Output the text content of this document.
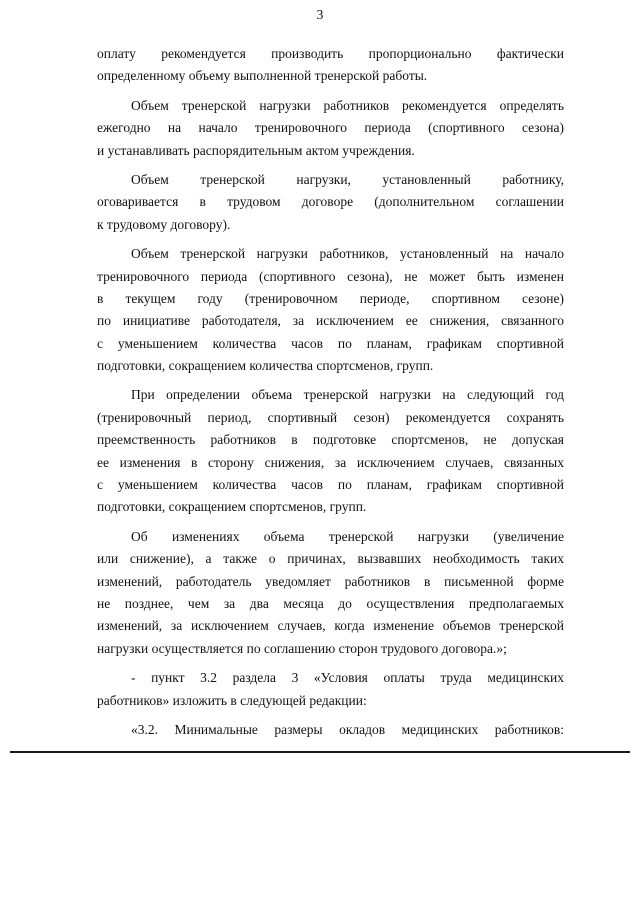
3

оплату рекомендуется производить пропорционально фактически
определенному объему выполненной тренерской работы.

Объем тренерской нагрузки работников рекомендуется определять
ежегодно на начало тренировочного периода (спортивного сезона)
и устанавливать распорядительным актом учреждения.

Объем тренерской нагрузки, установленный работнику,
оговаривается в трудовом договоре (дополнительном соглашении
к трудовому договору).

Объем тренерской нагрузки работников, установленный на начало
тренировочного периода (спортивного сезона), не может быть изменен
в текущем году (тренировочном периоде, спортивном сезоне)
по инициативе работодателя, за исключением ее снижения, связанного
с уменьшением количества часов по планам, графикам спортивной
подготовки, сокращением количества спортсменов, групп.

При определении объема тренерской нагрузки на следующий год
(тренировочный период, спортивный сезон) рекомендуется сохранять
преемственность работников в подготовке спортсменов, не допуская
ее изменения в сторону снижения, за исключением случаев, связанных
с уменьшением количества часов по планам, графикам спортивной
подготовки, сокращением спортсменов, групп.

Об изменениях объема тренерской нагрузки (увеличение
или снижение), а также о причинах, вызвавших необходимость таких
изменений, работодатель уведомляет работников в письменной форме
не позднее, чем за два месяца до осуществления предполагаемых
изменений, за исключением случаев, когда изменение объемов тренерской
нагрузки осуществляется по соглашению сторон трудового договора.»;

- пункт 3.2 раздела 3 «Условия оплаты труда медицинских
работников» изложить в следующей редакции:

«3.2. Минимальные размеры окладов медицинских работников:
